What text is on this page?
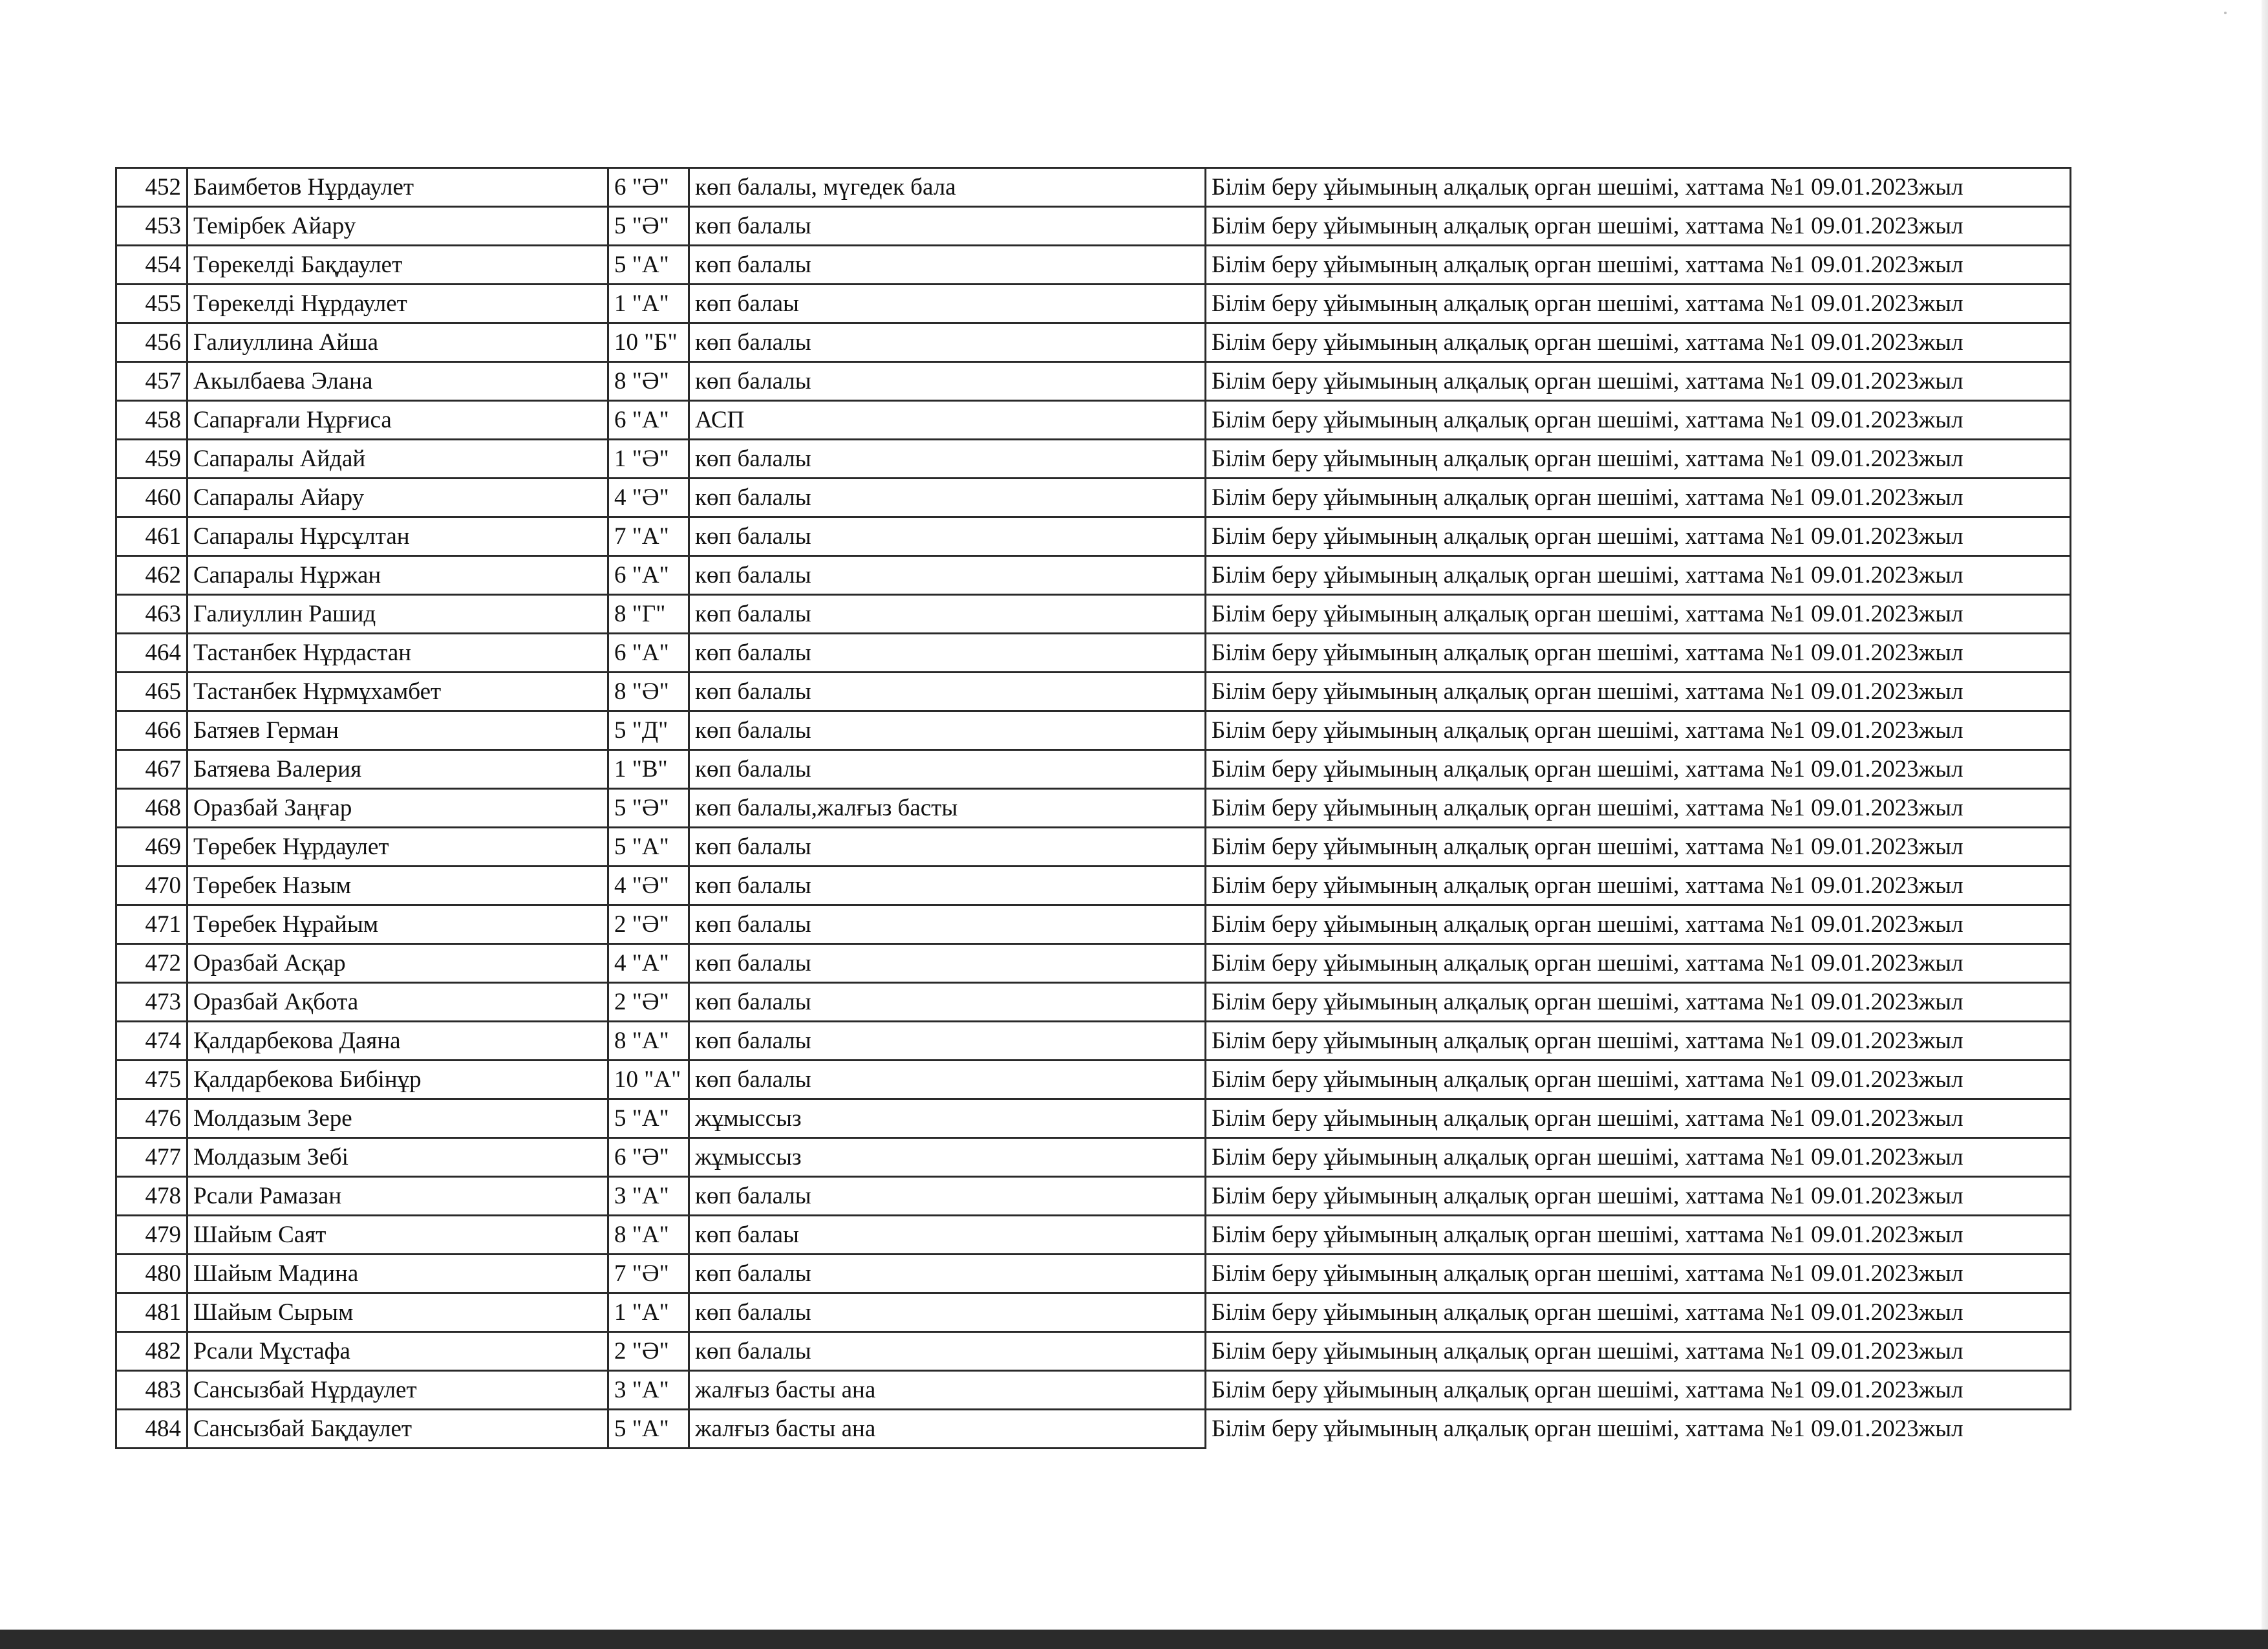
452	Баимбетов Нұрдаулет	6 "Ә"	көп балалы, мүгедек бала	Білім беру ұйымының алқалық орган шешімі, хаттама №1 09.01.2023жыл
453	Темірбек Айару	5 "Ә"	көп балалы	Білім беру ұйымының алқалық орган шешімі, хаттама №1 09.01.2023жыл
454	Төрекелді Бақдаулет	5 "А"	көп балалы	Білім беру ұйымының алқалық орган шешімі, хаттама №1 09.01.2023жыл
455	Төрекелді Нұрдаулет	1 "А"	көп балаы	Білім беру ұйымының алқалық орган шешімі, хаттама №1 09.01.2023жыл
456	Галиуллина Айша	10 "Б"	көп балалы	Білім беру ұйымының алқалық орган шешімі, хаттама №1 09.01.2023жыл
457	Акылбаева Элана	8 "Ә"	көп балалы	Білім беру ұйымының алқалық орган шешімі, хаттама №1 09.01.2023жыл
458	Сапарғали Нұрғиса	6 "А"	АСП	Білім беру ұйымының алқалық орган шешімі, хаттама №1 09.01.2023жыл
459	Сапаралы Айдай	1 "Ә"	көп балалы	Білім беру ұйымының алқалық орган шешімі, хаттама №1 09.01.2023жыл
460	Сапаралы Айару	4 "Ә"	көп балалы	Білім беру ұйымының алқалық орган шешімі, хаттама №1 09.01.2023жыл
461	Сапаралы Нұрсұлтан	7 "А"	көп балалы	Білім беру ұйымының алқалық орган шешімі, хаттама №1 09.01.2023жыл
462	Сапаралы Нұржан	6 "А"	көп балалы	Білім беру ұйымының алқалық орган шешімі, хаттама №1 09.01.2023жыл
463	Галиуллин Рашид	8 "Г"	көп балалы	Білім беру ұйымының алқалық орган шешімі, хаттама №1 09.01.2023жыл
464	Тастанбек Нұрдастан	6 "А"	көп балалы	Білім беру ұйымының алқалық орган шешімі, хаттама №1 09.01.2023жыл
465	Тастанбек Нұрмұхамбет	8 "Ә"	көп балалы	Білім беру ұйымының алқалық орган шешімі, хаттама №1 09.01.2023жыл
466	Батяев Герман	5 "Д"	көп балалы	Білім беру ұйымының алқалық орган шешімі, хаттама №1 09.01.2023жыл
467	Батяева Валерия	1 "В"	көп балалы	Білім беру ұйымының алқалық орган шешімі, хаттама №1 09.01.2023жыл
468	Оразбай Заңғар	5 "Ә"	көп балалы,жалғыз басты	Білім беру ұйымының алқалық орган шешімі, хаттама №1 09.01.2023жыл
469	Төребек Нұрдаулет	5 "А"	көп балалы	Білім беру ұйымының алқалық орган шешімі, хаттама №1 09.01.2023жыл
470	Төребек Назым	4 "Ә"	көп балалы	Білім беру ұйымының алқалық орган шешімі, хаттама №1 09.01.2023жыл
471	Төребек Нұрайым	2 "Ә"	көп балалы	Білім беру ұйымының алқалық орган шешімі, хаттама №1 09.01.2023жыл
472	Оразбай Асқар	4 "А"	көп балалы	Білім беру ұйымының алқалық орган шешімі, хаттама №1 09.01.2023жыл
473	Оразбай Ақбота	2 "Ә"	көп балалы	Білім беру ұйымының алқалық орган шешімі, хаттама №1 09.01.2023жыл
474	Қалдарбекова Даяна	8 "А"	көп балалы	Білім беру ұйымының алқалық орган шешімі, хаттама №1 09.01.2023жыл
475	Қалдарбекова Бибінұр	10 "А"	көп балалы	Білім беру ұйымының алқалық орган шешімі, хаттама №1 09.01.2023жыл
476	Молдазым Зере	5 "А"	жұмыссыз	Білім беру ұйымының алқалық орган шешімі, хаттама №1 09.01.2023жыл
477	Молдазым Зебі	6 "Ә"	жұмыссыз	Білім беру ұйымының алқалық орган шешімі, хаттама №1 09.01.2023жыл
478	Рсали Рамазан	3 "А"	көп балалы	Білім беру ұйымының алқалық орган шешімі, хаттама №1 09.01.2023жыл
479	Шайым Саят	8 "А"	көп балаы	Білім беру ұйымының алқалық орган шешімі, хаттама №1 09.01.2023жыл
480	Шайым Мадина	7 "Ә"	көп балалы	Білім беру ұйымының алқалық орган шешімі, хаттама №1 09.01.2023жыл
481	Шайым Сырым	1 "А"	көп балалы	Білім беру ұйымының алқалық орган шешімі, хаттама №1 09.01.2023жыл
482	Рсали Мұстафа	2 "Ә"	көп балалы	Білім беру ұйымының алқалық орган шешімі, хаттама №1 09.01.2023жыл
483	Сансызбай Нұрдаулет	3 "А"	жалғыз басты ана	Білім беру ұйымының алқалық орган шешімі, хаттама №1 09.01.2023жыл
484	Сансызбай Бақдаулет	5 "А"	жалғыз басты ана	Білім беру ұйымының алқалық орган шешімі, хаттама №1 09.01.2023жыл
